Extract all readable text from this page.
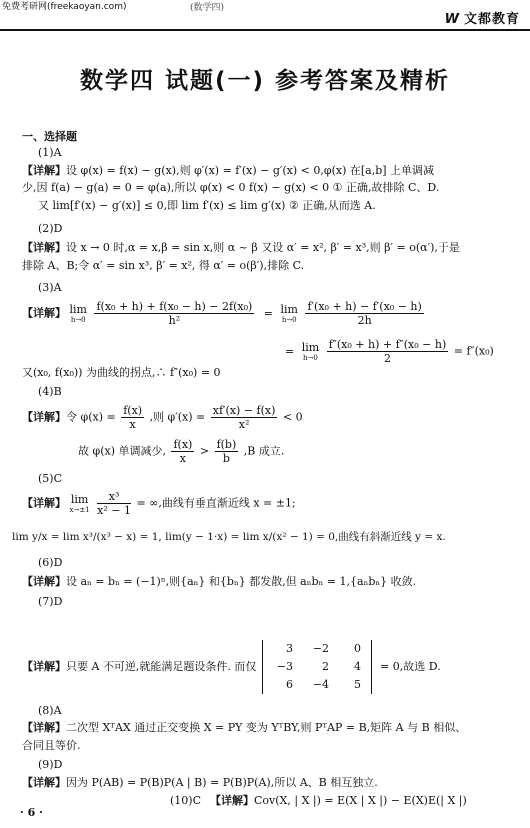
免费考研网(freekaoyan.com)	(数学四)
W 文都教育
数学四 试题(一) 参考答案及精析
一、选择题
(1)A
【详解】设 φ(x) = f(x) − g(x),则 φ′(x) = f′(x) − g′(x) < 0,φ(x) 在[a,b] 上单调减
少,因 f(a) − g(a) = 0 = φ(a),所以 φ(x) < 0 f(x) − g(x) < 0 ① 正确,故排除 C、D.
又 lim[f′(x) − g′(x)] ≤ 0,即 lim f′(x) ≤ lim g′(x) ② 正确,从而选 A.
(2)D
【详解】设 x → 0 时,α = x,β = sin x,则 α ~ β 又设 α′ = x², β′ = x³,则 β′ = o(α′),于是
排除 A、B;令 α′ = sin x³, β′ = x², 得 α′ = o(β′),排除 C.
(3)A
【详解】 lim
h→0
$\frac{\text{f(x₀ + h) + f(x₀ − h) − 2f(x₀)}}{\text{h²}} = \lim$
h→0
$\frac{\text{f′(x₀ + h) − f′(x₀ − h)}}{2h}$
= lim
h→0
$\frac{\text{f″(x₀ + h) + f″(x₀ − h)}}{2} = f''(x_0)$
又(x₀, f(x₀)) 为曲线的拐点,∴ f″(x₀) = 0
(4)B
【详解】令 $\varphi(x) = \frac{f(x)}{x}$ ,则 $\varphi'(x) = \frac{xf'(x) - f(x)}{\text{x²}} < 0$
故 φ(x) 单调减少, $\frac{f(x)}{x} > \frac{f(b)}{b} ,B$ 成立.
(5)C
【详解】 lim
x→±1
$\frac{\text{x³}}{\text{x² − 1}}$ = ∞,曲线有垂直渐近线 x = ±1;
lim y/x = lim x³/(x³ − x) = 1, lim(y − 1·x) = lim x/(x² − 1) = 0,曲线有斜渐近线 y = x.
(6)D
【详解】设 aₙ = bₙ = (−1)ⁿ,则{aₙ} 和{bₙ} 都发散,但 aₙbₙ = 1,{aₙbₙ} 收敛.
(7)D
【详解】只要 A 不可逆,就能满足题设条件. 而仅
3	−2	0
−3	2	4
6	−4	5
= 0,故选 D.
(8)A
【详解】二次型 XᵀAX 通过正交变换 X = PY 变为 YᵀBY,则 PᵀAP = B,矩阵 A 与 B 相似、
合同且等价.
(9)D
【详解】因为 P(AB) = P(B)P(A | B) = P(B)P(A),所以 A、B 相互独立.
(10)C 【详解】Cov(X, | X |) = E(X | X |) − E(X)E(| X |)
· 6 ·
